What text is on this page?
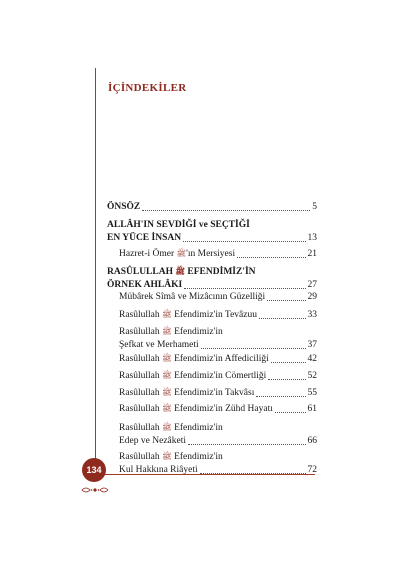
İÇİNDEKİLER
ÖNSÖZ	5
ALLÂH'IN SEVDİĞİ ve SEÇTİĞİ
EN YÜCE İNSAN	13
Hazret-i Ömer ﷺ'ın Mersiyesi	21
RASÛLULLAH ﷺ EFENDİMİZ'İN
ÖRNEK AHLÂKI	27
Mübârek Sîmâ ve Mizâcının Güzelliği	29
Rasûlullah ﷺ Efendimiz'in Tevâzuu	33
Rasûlullah ﷺ Efendimiz'in
Şefkat ve Merhameti	37
Rasûlullah ﷺ Efendimiz'in Affediciliği	42
Rasûlullah ﷺ Efendimiz'in Cömertliği	52
Rasûlullah ﷺ Efendimiz'in Takvâsı	55
Rasûlullah ﷺ Efendimiz'in Zühd Hayatı	61
Rasûlullah ﷺ Efendimiz'in
Edep ve Nezâketi	66
Rasûlullah ﷺ Efendimiz'in
Kul Hakkına Riâyeti	72
134
